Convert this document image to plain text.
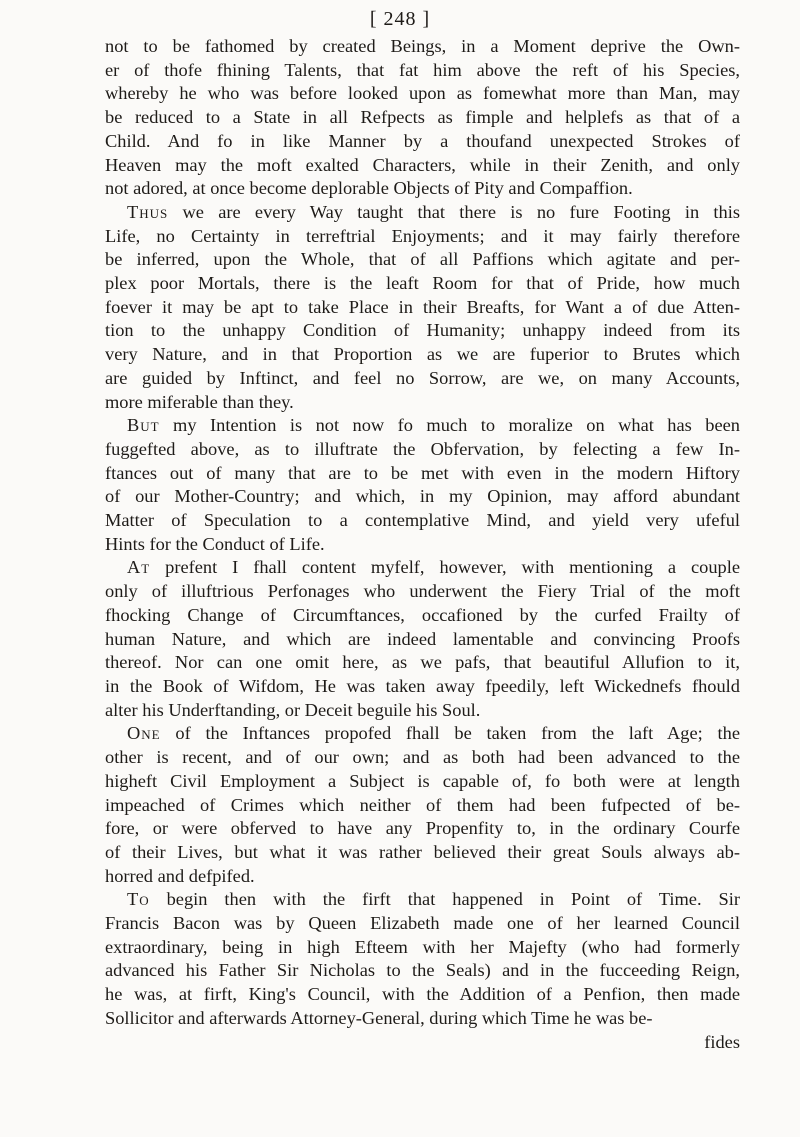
[ 248 ]
not to be fathomed by created Beings, in a Moment deprive the Own-
er of thofe fhining Talents, that fat him above the reft of his Species,
whereby he who was before looked upon as fomewhat more than Man, may
be reduced to a State in all Refpects as fimple and helplefs as that of a
Child. And fo in like Manner by a thoufand unexpected Strokes of
Heaven may the moft exalted Characters, while in their Zenith, and only
not adored, at once become deplorable Objects of Pity and Compaffion.
Thus we are every Way taught that there is no fure Footing in this
Life, no Certainty in terreftrial Enjoyments; and it may fairly therefore
be inferred, upon the Whole, that of all Paffions which agitate and per-
plex poor Mortals, there is the leaft Room for that of Pride, how much
foever it may be apt to take Place in their Breafts, for Want a of due Atten-
tion to the unhappy Condition of Humanity; unhappy indeed from its
very Nature, and in that Proportion as we are fuperior to Brutes which
are guided by Inftinct, and feel no Sorrow, are we, on many Accounts,
more miferable than they.
But my Intention is not now fo much to moralize on what has been
fuggefted above, as to illuftrate the Obfervation, by felecting a few In-
ftances out of many that are to be met with even in the modern Hiftory
of our Mother-Country; and which, in my Opinion, may afford abundant
Matter of Speculation to a contemplative Mind, and yield very ufeful
Hints for the Conduct of Life.
At prefent I fhall content myfelf, however, with mentioning a couple
only of illuftrious Perfonages who underwent the Fiery Trial of the moft
fhocking Change of Circumftances, occafioned by the curfed Frailty of
human Nature, and which are indeed lamentable and convincing Proofs
thereof. Nor can one omit here, as we pafs, that beautiful Allufion to it,
in the Book of Wifdom, He was taken away fpeedily, left Wickednefs fhould
alter his Underftanding, or Deceit beguile his Soul.
One of the Inftances propofed fhall be taken from the laft Age; the
other is recent, and of our own; and as both had been advanced to the
higheft Civil Employment a Subject is capable of, fo both were at length
impeached of Crimes which neither of them had been fufpected of be-
fore, or were obferved to have any Propenfity to, in the ordinary Courfe
of their Lives, but what it was rather believed their great Souls always ab-
horred and defpifed.
To begin then with the firft that happened in Point of Time. Sir
Francis Bacon was by Queen Elizabeth made one of her learned Council
extraordinary, being in high Efteem with her Majefty (who had formerly
advanced his Father Sir Nicholas to the Seals) and in the fucceeding Reign,
he was, at firft, King's Council, with the Addition of a Penfion, then made
Sollicitor and afterwards Attorney-General, during which Time he was be-
fides
